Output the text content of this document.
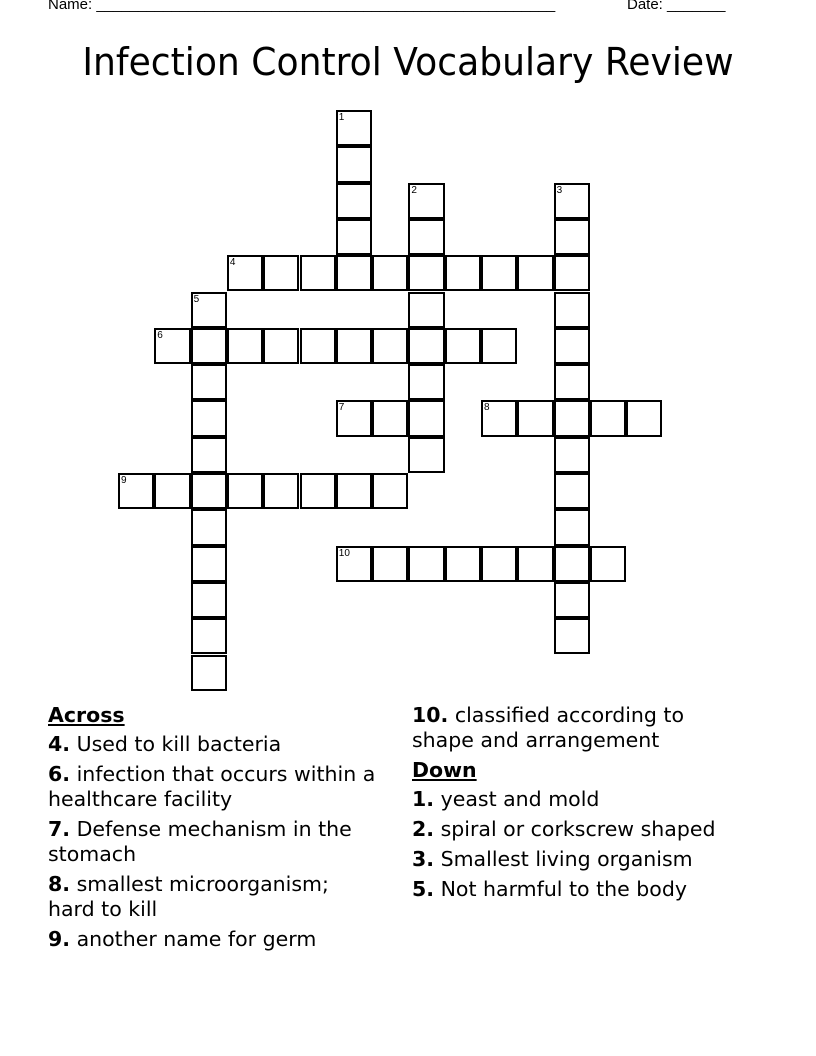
Name: _______________________________________________________	Date: _______
Infection Control Vocabulary Review
1
2	3
4
5
6
7	8
9
10
Across
4. Used to kill bacteria
6. infection that occurs within a healthcare facility
7. Defense mechanism in the stomach
8. smallest microorganism; hard to kill
9. another name for germ
10. classified according to shape and arrangement
Down
1. yeast and mold
2. spiral or corkscrew shaped
3. Smallest living organism
5. Not harmful to the body
